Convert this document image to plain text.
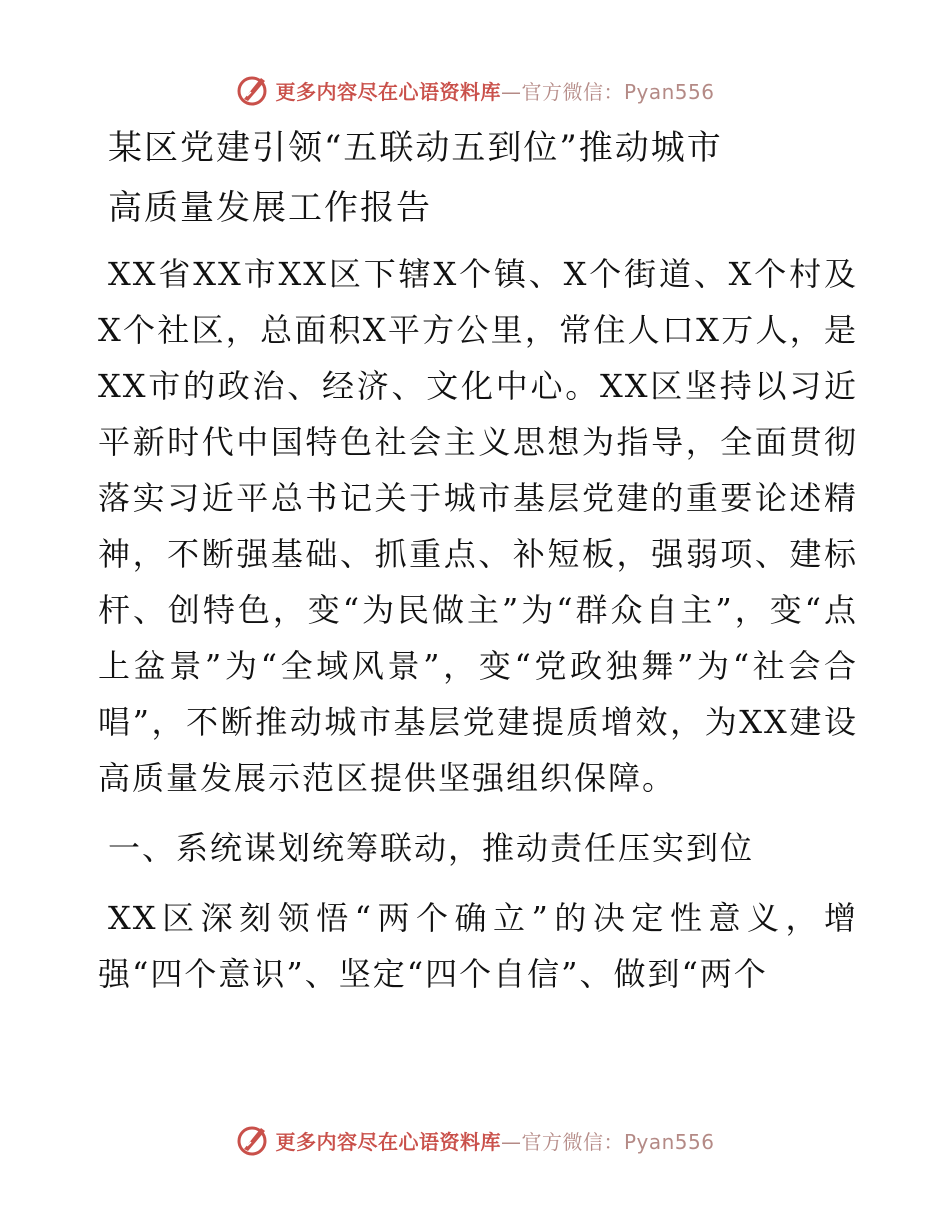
更多内容尽在心语资料库—官方微信：Pyan556
某区党建引领“五联动五到位”推动城市
高质量发展工作报告

XX省XX市XX区下辖X个镇、X个街道、X个村及X个社区，总面积X平方公里，常住人口X万人，是XX市的政治、经济、文化中心。XX区坚持以习近平新时代中国特色社会主义思想为指导，全面贯彻落实习近平总书记关于城市基层党建的重要论述精神，不断强基础、抓重点、补短板，强弱项、建标杆、创特色，变“为民做主”为“群众自主”，变“点上盆景”为“全域风景”，变“党政独舞”为“社会合唱”，不断推动城市基层党建提质增效，为XX建设高质量发展示范区提供坚强组织保障。

一、系统谋划统筹联动，推动责任压实到位

XX区深刻领悟“两个确立”的决定性意义，增强“四个意识”、坚定“四个自信”、做到“两个

更多内容尽在心语资料库—官方微信：Pyan556
